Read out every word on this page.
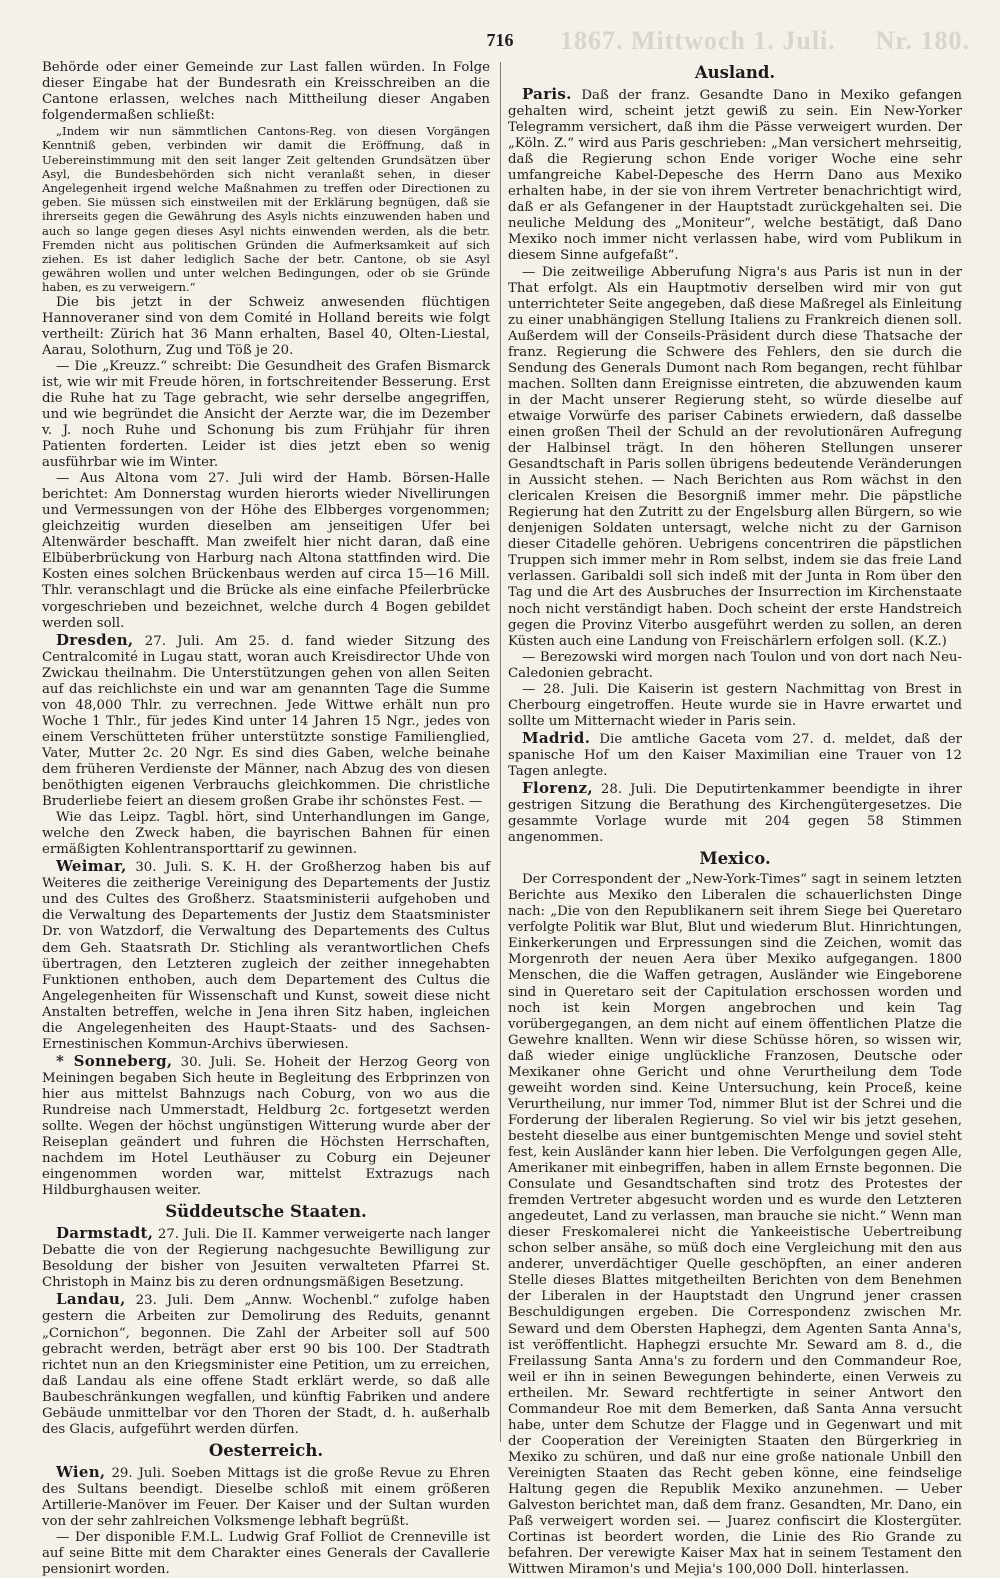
1867. Mittwoch 1. Juli. Nr. 180.
716

Behörde oder einer Gemeinde zur Last fallen würden. In Folge dieser Eingabe hat der Bundesrath ein Kreisschreiben an die Cantone erlassen, welches nach Mittheilung dieser Angaben folgendermaßen schließt:

„Indem wir nun sämmtlichen Cantons-Reg. von diesen Vorgängen Kenntniß geben, verbinden wir damit die Eröffnung, daß in Uebereinstimmung mit den seit langer Zeit geltenden Grundsätzen über Asyl, die Bundesbehörden sich nicht veranlaßt sehen, in dieser Angelegenheit irgend welche Maßnahmen zu treffen oder Directionen zu geben. Sie müssen sich einstweilen mit der Erklärung begnügen, daß sie ihrerseits gegen die Gewährung des Asyls nichts einzuwenden haben und auch so lange gegen dieses Asyl nichts einwenden werden, als die betr. Fremden nicht aus politischen Gründen die Aufmerksamkeit auf sich ziehen. Es ist daher lediglich Sache der betr. Cantone, ob sie Asyl gewähren wollen und unter welchen Bedingungen, oder ob sie Gründe haben, es zu verweigern.“

Die bis jetzt in der Schweiz anwesenden flüchtigen Hannoveraner sind von dem Comité in Holland bereits wie folgt vertheilt: Zürich hat 36 Mann erhalten, Basel 40, Olten-Liestal, Aarau, Solothurn, Zug und Töß je 20.

— Die „Kreuzz.“ schreibt: Die Gesundheit des Grafen Bismarck ist, wie wir mit Freude hören, in fortschreitender Besserung. Erst die Ruhe hat zu Tage gebracht, wie sehr derselbe angegriffen, und wie begründet die Ansicht der Aerzte war, die im Dezember v. J. noch Ruhe und Schonung bis zum Frühjahr für ihren Patienten forderten. Leider ist dies jetzt eben so wenig ausführbar wie im Winter.

— Aus Altona vom 27. Juli wird der Hamb. Börsen-Halle berichtet: Am Donnerstag wurden hierorts wieder Nivellirungen und Vermessungen von der Höhe des Elbberges vorgenommen; gleichzeitig wurden dieselben am jenseitigen Ufer bei Altenwärder beschafft. Man zweifelt hier nicht daran, daß eine Elbüberbrückung von Harburg nach Altona stattfinden wird. Die Kosten eines solchen Brückenbaus werden auf circa 15—16 Mill. Thlr. veranschlagt und die Brücke als eine einfache Pfeilerbrücke vorgeschrieben und bezeichnet, welche durch 4 Bogen gebildet werden soll.

Dresden, 27. Juli. Am 25. d. fand wieder Sitzung des Centralcomité in Lugau statt, woran auch Kreisdirector Uhde von Zwickau theilnahm. Die Unterstützungen gehen von allen Seiten auf das reichlichste ein und war am genannten Tage die Summe von 48,000 Thlr. zu verrechnen. Jede Wittwe erhält nun pro Woche 1 Thlr., für jedes Kind unter 14 Jahren 15 Ngr., jedes von einem Verschütteten früher unterstützte sonstige Familienglied, Vater, Mutter 2c. 20 Ngr. Es sind dies Gaben, welche beinahe dem früheren Verdienste der Männer, nach Abzug des von diesen benöthigten eigenen Verbrauchs gleichkommen. Die christliche Bruderliebe feiert an diesem großen Grabe ihr schönstes Fest. —

Wie das Leipz. Tagbl. hört, sind Unterhandlungen im Gange, welche den Zweck haben, die bayrischen Bahnen für einen ermäßigten Kohlentransporttarif zu gewinnen.

Weimar, 30. Juli. S. K. H. der Großherzog haben bis auf Weiteres die zeitherige Vereinigung des Departements der Justiz und des Cultes des Großherz. Staatsministerii aufgehoben und die Verwaltung des Departements der Justiz dem Staatsminister Dr. von Watzdorf, die Verwaltung des Departements des Cultus dem Geh. Staatsrath Dr. Stichling als verantwortlichen Chefs übertragen, den Letzteren zugleich der zeither innegehabten Funktionen enthoben, auch dem Departement des Cultus die Angelegenheiten für Wissenschaft und Kunst, soweit diese nicht Anstalten betreffen, welche in Jena ihren Sitz haben, ingleichen die Angelegenheiten des Haupt-Staats- und des Sachsen-Ernestinischen Kommun-Archivs überwiesen.

* Sonneberg, 30. Juli. Se. Hoheit der Herzog Georg von Meiningen begaben Sich heute in Begleitung des Erbprinzen von hier aus mittelst Bahnzugs nach Coburg, von wo aus die Rundreise nach Ummerstadt, Heldburg 2c. fortgesetzt werden sollte. Wegen der höchst ungünstigen Witterung wurde aber der Reiseplan geändert und fuhren die Höchsten Herrschaften, nachdem im Hotel Leuthäuser zu Coburg ein Dejeuner eingenommen worden war, mittelst Extrazugs nach Hildburghausen weiter.

Süddeutsche Staaten.

Darmstadt, 27. Juli. Die II. Kammer verweigerte nach langer Debatte die von der Regierung nachgesuchte Bewilligung zur Besoldung der bisher von Jesuiten verwalteten Pfarrei St. Christoph in Mainz bis zu deren ordnungsmäßigen Besetzung.

Landau, 23. Juli. Dem „Annw. Wochenbl.“ zufolge haben gestern die Arbeiten zur Demolirung des Reduits, genannt „Cornichon“, begonnen. Die Zahl der Arbeiter soll auf 500 gebracht werden, beträgt aber erst 90 bis 100. Der Stadtrath richtet nun an den Kriegsminister eine Petition, um zu erreichen, daß Landau als eine offene Stadt erklärt werde, so daß alle Baubeschränkungen wegfallen, und künftig Fabriken und andere Gebäude unmittelbar vor den Thoren der Stadt, d. h. außerhalb des Glacis, aufgeführt werden dürfen.

Oesterreich.

Wien, 29. Juli. Soeben Mittags ist die große Revue zu Ehren des Sultans beendigt. Dieselbe schloß mit einem größeren Artillerie-Manöver im Feuer. Der Kaiser und der Sultan wurden von der sehr zahlreichen Volksmenge lebhaft begrüßt.

— Der disponible F.M.L. Ludwig Graf Folliot de Crenneville ist auf seine Bitte mit dem Charakter eines Generals der Cavallerie pensionirt worden.

Ausland.

Paris. Daß der franz. Gesandte Dano in Mexiko gefangen gehalten wird, scheint jetzt gewiß zu sein. Ein New-Yorker Telegramm versichert, daß ihm die Pässe verweigert wurden. Der „Köln. Z.“ wird aus Paris geschrieben: „Man versichert mehrseitig, daß die Regierung schon Ende voriger Woche eine sehr umfangreiche Kabel-Depesche des Herrn Dano aus Mexiko erhalten habe, in der sie von ihrem Vertreter benachrichtigt wird, daß er als Gefangener in der Hauptstadt zurückgehalten sei. Die neuliche Meldung des „Moniteur“, welche bestätigt, daß Dano Mexiko noch immer nicht verlassen habe, wird vom Publikum in diesem Sinne aufgefaßt“.

— Die zeitweilige Abberufung Nigra's aus Paris ist nun in der That erfolgt. Als ein Hauptmotiv derselben wird mir von gut unterrichteter Seite angegeben, daß diese Maßregel als Einleitung zu einer unabhängigen Stellung Italiens zu Frankreich dienen soll. Außerdem will der Conseils-Präsident durch diese Thatsache der franz. Regierung die Schwere des Fehlers, den sie durch die Sendung des Generals Dumont nach Rom begangen, recht fühlbar machen. Sollten dann Ereignisse eintreten, die abzuwenden kaum in der Macht unserer Regierung steht, so würde dieselbe auf etwaige Vorwürfe des pariser Cabinets erwiedern, daß dasselbe einen großen Theil der Schuld an der revolutionären Aufregung der Halbinsel trägt. In den höheren Stellungen unserer Gesandtschaft in Paris sollen übrigens bedeutende Veränderungen in Aussicht stehen. — Nach Berichten aus Rom wächst in den clericalen Kreisen die Besorgniß immer mehr. Die päpstliche Regierung hat den Zutritt zu der Engelsburg allen Bürgern, so wie denjenigen Soldaten untersagt, welche nicht zu der Garnison dieser Citadelle gehören. Uebrigens concentriren die päpstlichen Truppen sich immer mehr in Rom selbst, indem sie das freie Land verlassen. Garibaldi soll sich indeß mit der Junta in Rom über den Tag und die Art des Ausbruches der Insurrection im Kirchenstaate noch nicht verständigt haben. Doch scheint der erste Handstreich gegen die Provinz Viterbo ausgeführt werden zu sollen, an deren Küsten auch eine Landung von Freischärlern erfolgen soll. (K.Z.)

— Berezowski wird morgen nach Toulon und von dort nach Neu-Caledonien gebracht.

— 28. Juli. Die Kaiserin ist gestern Nachmittag von Brest in Cherbourg eingetroffen. Heute wurde sie in Havre erwartet und sollte um Mitternacht wieder in Paris sein.

Madrid. Die amtliche Gaceta vom 27. d. meldet, daß der spanische Hof um den Kaiser Maximilian eine Trauer von 12 Tagen anlegte.

Florenz, 28. Juli. Die Deputirtenkammer beendigte in ihrer gestrigen Sitzung die Berathung des Kirchengütergesetzes. Die gesammte Vorlage wurde mit 204 gegen 58 Stimmen angenommen.

Mexico.

Der Correspondent der „New-York-Times“ sagt in seinem letzten Berichte aus Mexiko den Liberalen die schauerlichsten Dinge nach: „Die von den Republikanern seit ihrem Siege bei Queretaro verfolgte Politik war Blut, Blut und wiederum Blut. Hinrichtungen, Einkerkerungen und Erpressungen sind die Zeichen, womit das Morgenroth der neuen Aera über Mexiko aufgegangen. 1800 Menschen, die die Waffen getragen, Ausländer wie Eingeborene sind in Queretaro seit der Capitulation erschossen worden und noch ist kein Morgen angebrochen und kein Tag vorübergegangen, an dem nicht auf einem öffentlichen Platze die Gewehre knallten. Wenn wir diese Schüsse hören, so wissen wir, daß wieder einige unglückliche Franzosen, Deutsche oder Mexikaner ohne Gericht und ohne Verurtheilung dem Tode geweiht worden sind. Keine Untersuchung, kein Proceß, keine Verurtheilung, nur immer Tod, nimmer Blut ist der Schrei und die Forderung der liberalen Regierung. So viel wir bis jetzt gesehen, besteht dieselbe aus einer buntgemischten Menge und soviel steht fest, kein Ausländer kann hier leben. Die Verfolgungen gegen Alle, Amerikaner mit einbegriffen, haben in allem Ernste begonnen. Die Consulate und Gesandtschaften sind trotz des Protestes der fremden Vertreter abgesucht worden und es wurde den Letzteren angedeutet, Land zu verlassen, man brauche sie nicht.“ Wenn man dieser Freskomalerei nicht die Yankeeistische Uebertreibung schon selber ansähe, so müß doch eine Vergleichung mit den aus anderer, unverdächtiger Quelle geschöpften, an einer anderen Stelle dieses Blattes mitgetheilten Berichten von dem Benehmen der Liberalen in der Hauptstadt den Ungrund jener crassen Beschuldigungen ergeben. Die Correspondenz zwischen Mr. Seward und dem Obersten Haphegzi, dem Agenten Santa Anna's, ist veröffentlicht. Haphegzi ersuchte Mr. Seward am 8. d., die Freilassung Santa Anna's zu fordern und den Commandeur Roe, weil er ihn in seinen Bewegungen behinderte, einen Verweis zu ertheilen. Mr. Seward rechtfertigte in seiner Antwort den Commandeur Roe mit dem Bemerken, daß Santa Anna versucht habe, unter dem Schutze der Flagge und in Gegenwart und mit der Cooperation der Vereinigten Staaten den Bürgerkrieg in Mexiko zu schüren, und daß nur eine große nationale Unbill den Vereinigten Staaten das Recht geben könne, eine feindselige Haltung gegen die Republik Mexiko anzunehmen. — Ueber Galveston berichtet man, daß dem franz. Gesandten, Mr. Dano, ein Paß verweigert worden sei. — Juarez confiscirt die Klostergüter. Cortinas ist beordert worden, die Linie des Rio Grande zu befahren. Der verewigte Kaiser Max hat in seinem Testament den Wittwen Miramon's und Mejia's 100,000 Doll. hinterlassen.
